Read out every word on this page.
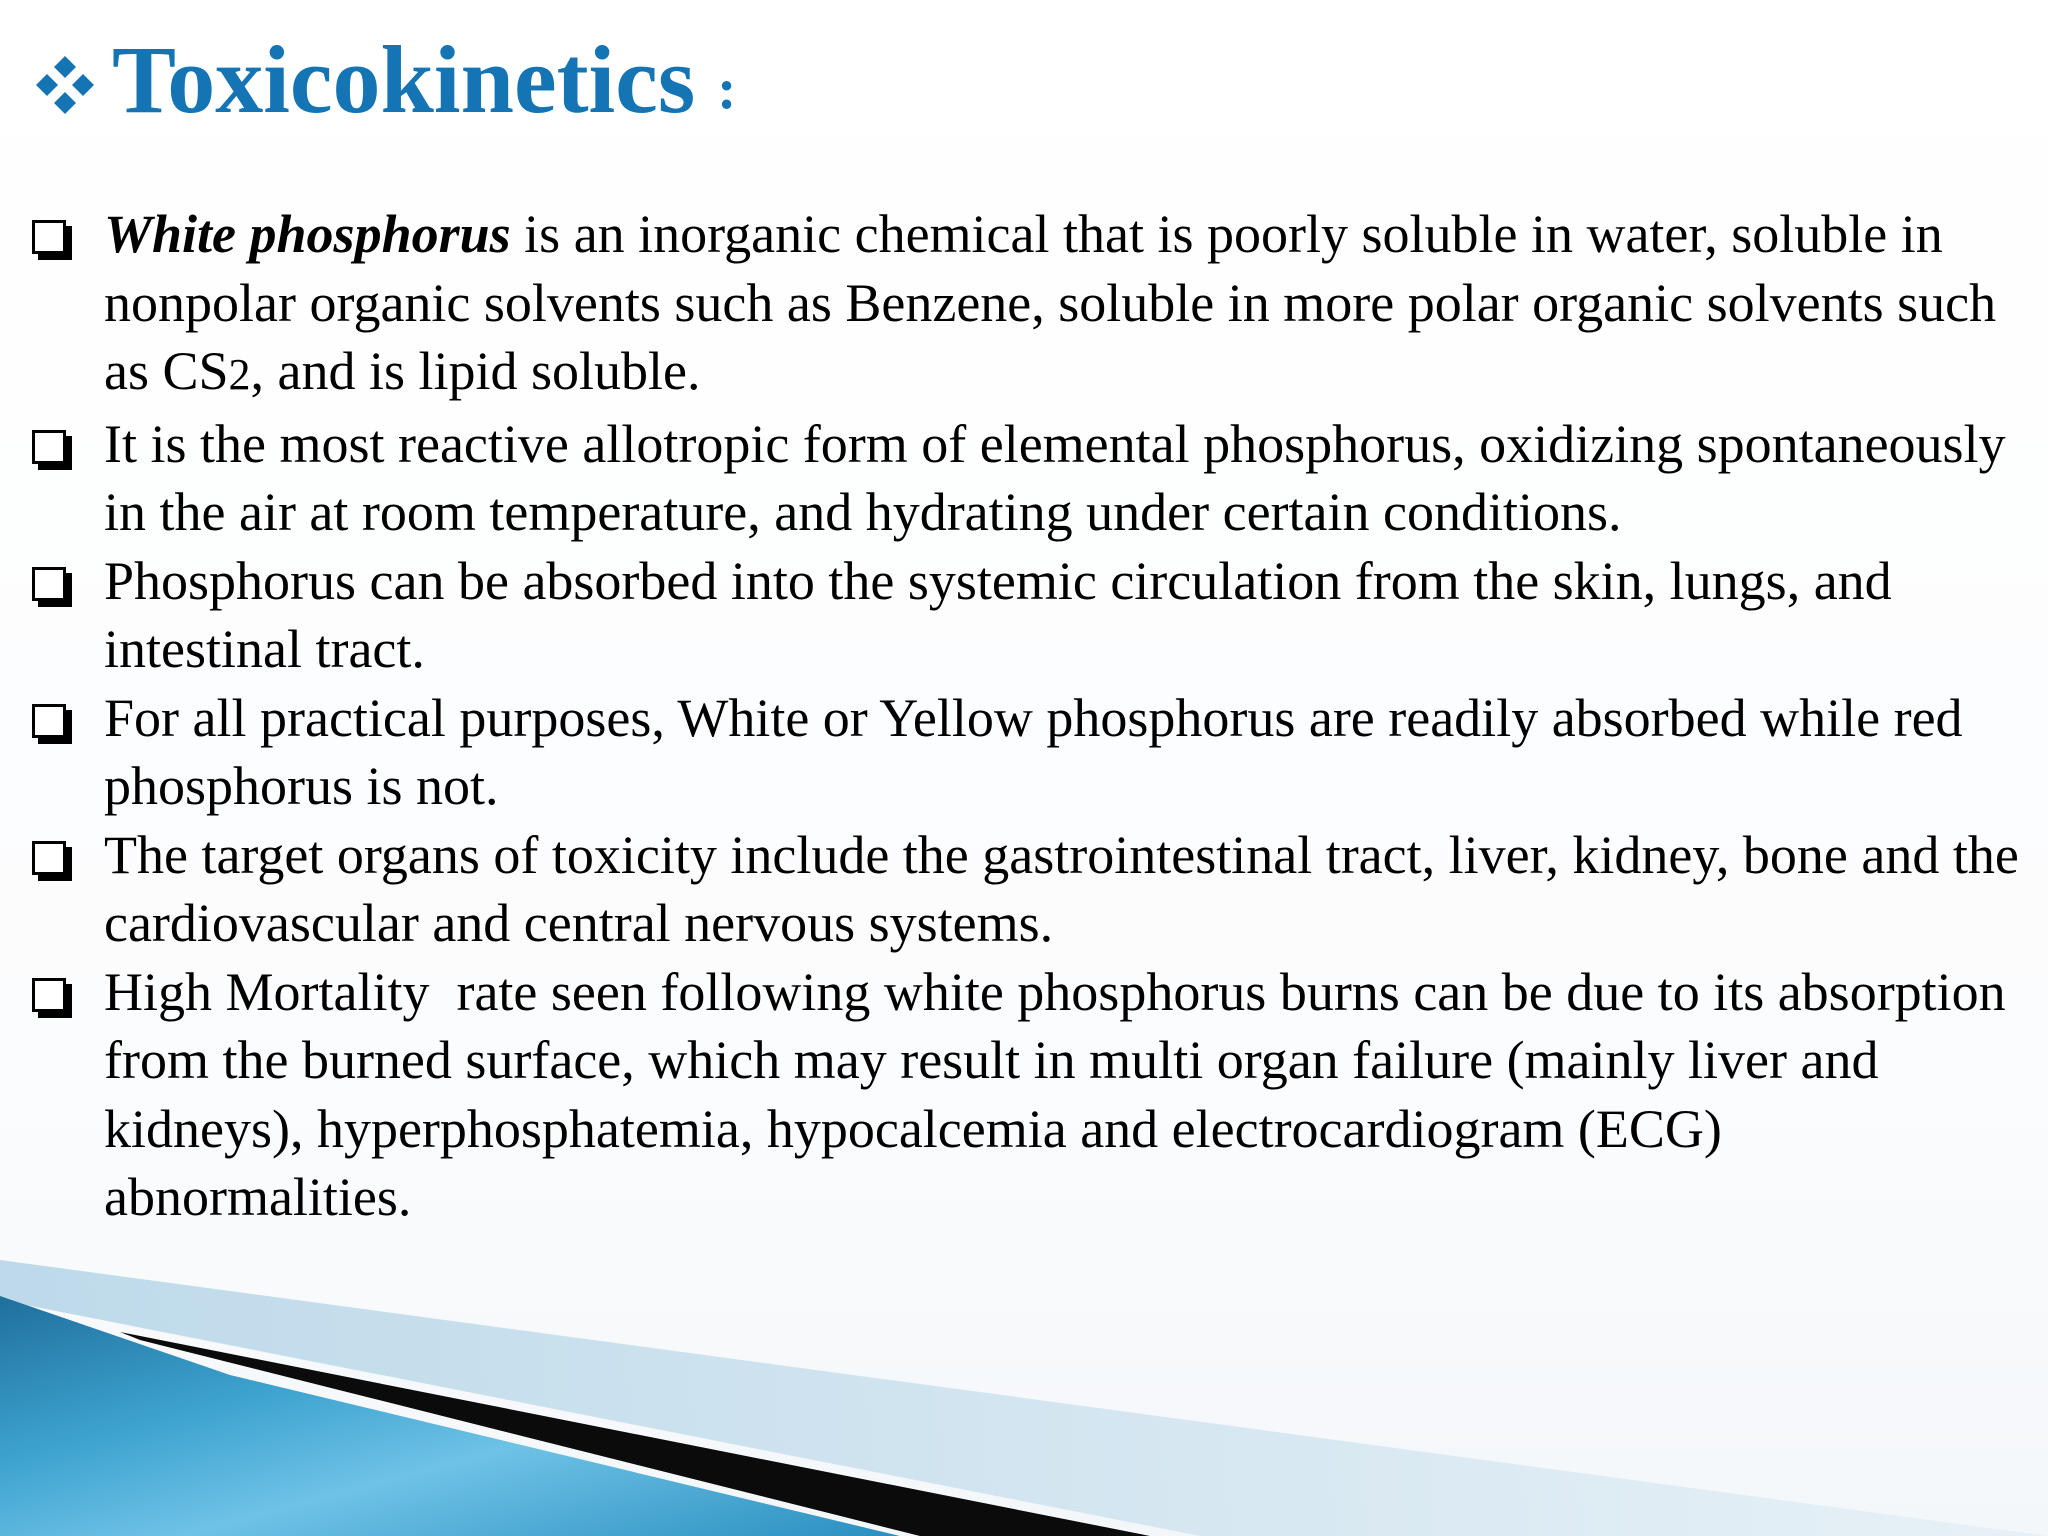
Toxicokinetics :
White phosphorus is an inorganic chemical that is poorly soluble in water, soluble in nonpolar organic solvents such as Benzene, soluble in more polar organic solvents such as CS2, and is lipid soluble.
It is the most reactive allotropic form of elemental phosphorus, oxidizing spontaneously in the air at room temperature, and hydrating under certain conditions.
Phosphorus can be absorbed into the systemic circulation from the skin, lungs, and intestinal tract.
For all practical purposes, White or Yellow phosphorus are readily absorbed while red phosphorus is not.
The target organs of toxicity include the gastrointestinal tract, liver, kidney, bone and the cardiovascular and central nervous systems.
High Mortality  rate seen following white phosphorus burns can be due to its absorption from the burned surface, which may result in multi organ failure (mainly liver and kidneys), hyperphosphatemia, hypocalcemia and electrocardiogram (ECG) abnormalities.
